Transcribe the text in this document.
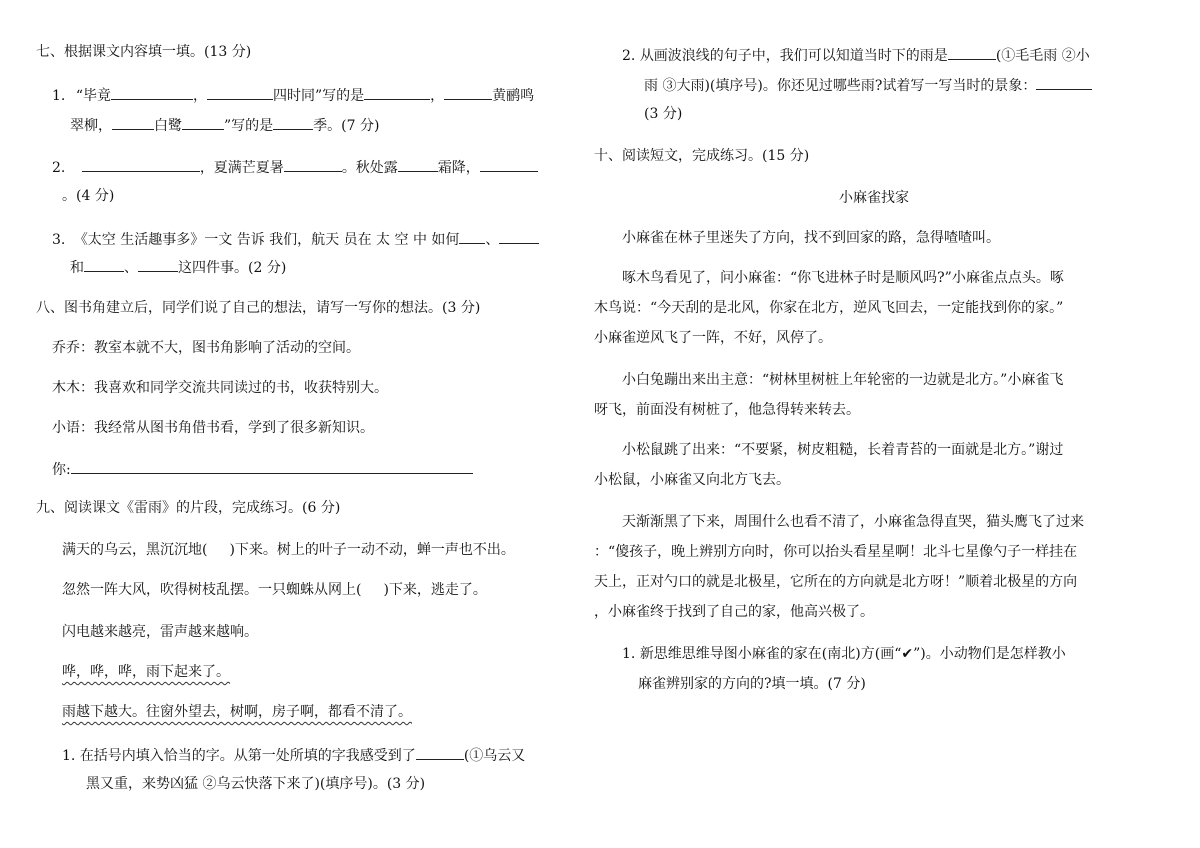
七、根据课文内容填一填。(13 分)
1. “毕竟	，	四时同”写的是	，	黄鹂鸣
翠柳，	白鹭	”写的是	季。(7 分)
2.	，夏满芒夏暑	。秋处露	霜降，
。(4 分)
3. 《太空 生活趣事多》一文 告诉 我们，航天 员在 太 空 中 如何 、
和	、	这四件事。(2 分)
八、图书角建立后，同学们说了自己的想法，请写一写你的想法。(3 分)
乔乔：教室本就不大，图书角影响了活动的空间。
木木：我喜欢和同学交流共同读过的书，收获特别大。
小语：我经常从图书角借书看，学到了很多新知识。
你:
九、阅读课文《雷雨》的片段，完成练习。(6 分)
满天的乌云，黑沉沉地( )下来。树上的叶子一动不动，蝉一声也不出。
忽然一阵大风，吹得树枝乱摆。一只蜘蛛从网上( )下来，逃走了。
闪电越来越亮，雷声越来越响。
哗，哗，哗，雨下起来了。
雨越下越大。往窗外望去，树啊，房子啊，都看不清了。
1. 在括号内填入恰当的字。从第一处所填的字我感受到了	(①乌云又
黑又重，来势凶猛 ②乌云快落下来了)(填序号)。(3 分)
2. 从画波浪线的句子中，我们可以知道当时下的雨是	(①毛毛雨 ②小
雨 ③大雨)(填序号)。你还见过哪些雨?试着写一写当时的景象：
(3 分)
十、阅读短文，完成练习。(15 分)
小麻雀找家
小麻雀在林子里迷失了方向，找不到回家的路，急得喳喳叫。
啄木鸟看见了，问小麻雀：“你飞进林子时是顺风吗?”小麻雀点点头。啄
木鸟说：“今天刮的是北风，你家在北方，逆风飞回去，一定能找到你的家。”
小麻雀逆风飞了一阵，不好，风停了。
小白兔蹦出来出主意：“树林里树桩上年轮密的一边就是北方。”小麻雀飞
呀飞，前面没有树桩了，他急得转来转去。
小松鼠跳了出来：“不要紧，树皮粗糙，长着青苔的一面就是北方。”谢过
小松鼠，小麻雀又向北方飞去。
天渐渐黑了下来，周围什么也看不清了，小麻雀急得直哭，猫头鹰飞了过来
：“傻孩子，晚上辨别方向时，你可以抬头看星星啊！北斗七星像勺子一样挂在
天上，正对勺口的就是北极星，它所在的方向就是北方呀！”顺着北极星的方向
，小麻雀终于找到了自己的家，他高兴极了。
1. 新思维思维导图小麻雀的家在(南北)方(画“✔”)。小动物们是怎样教小
麻雀辨别家的方向的?填一填。(7 分)
